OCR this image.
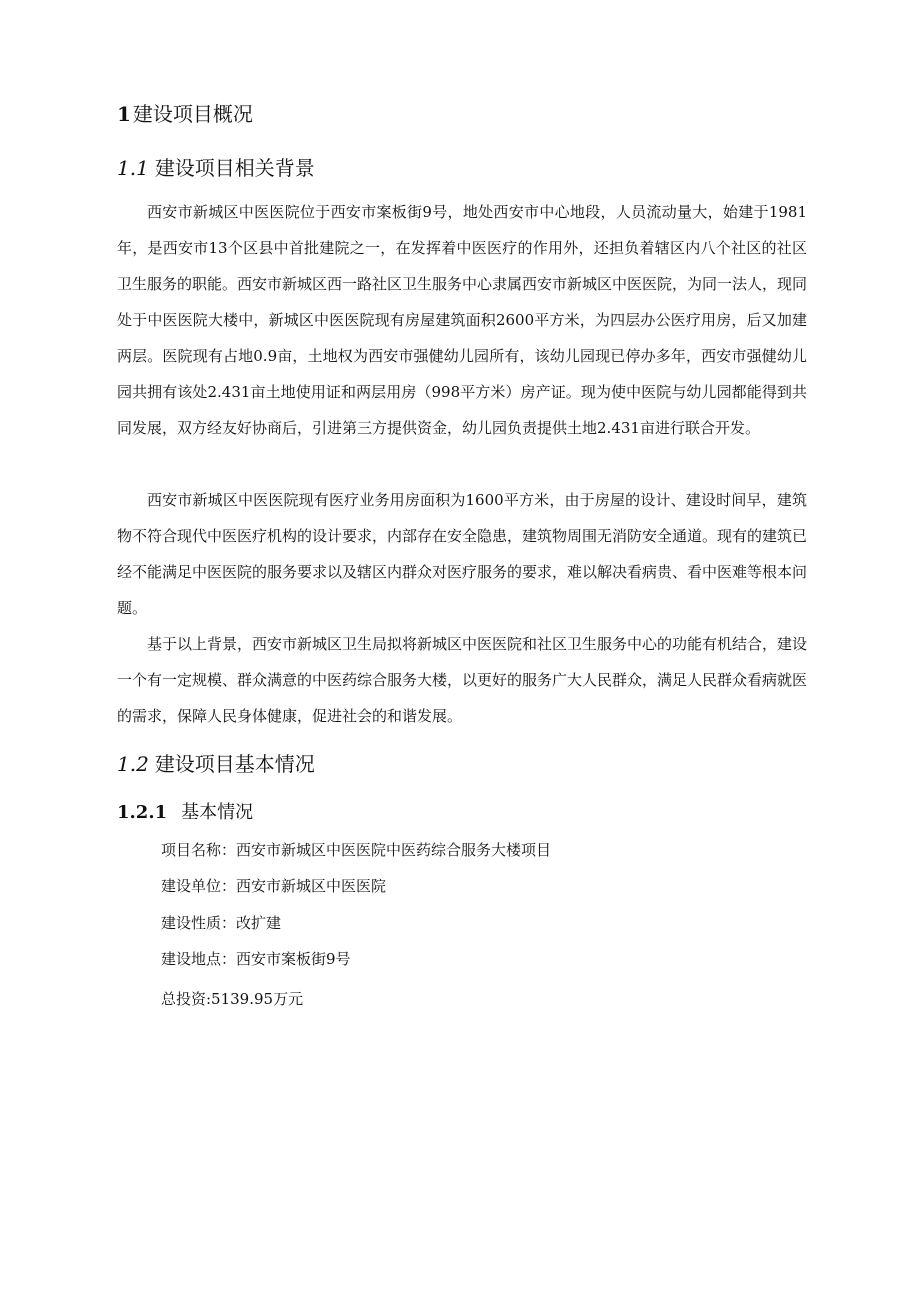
1 建设项目概况
1.1 建设项目相关背景

西安市新城区中医医院位于西安市案板街9号，地处西安市中心地段，人员流动量大，始建于1981年，是西安市13个区县中首批建院之一，在发挥着中医医疗的作用外，还担负着辖区内八个社区的社区卫生服务的职能。西安市新城区西一路社区卫生服务中心隶属西安市新城区中医医院，为同一法人，现同处于中医医院大楼中，新城区中医医院现有房屋建筑面积2600平方米，为四层办公医疗用房，后又加建两层。医院现有占地0.9亩，土地权为西安市强健幼儿园所有，该幼儿园现已停办多年，西安市强健幼儿园共拥有该处2.431亩土地使用证和两层用房（998平方米）房产证。现为使中医院与幼儿园都能得到共同发展，双方经友好协商后，引进第三方提供资金，幼儿园负责提供土地2.431亩进行联合开发。

西安市新城区中医医院现有医疗业务用房面积为1600平方米，由于房屋的设计、建设时间早，建筑物不符合现代中医医疗机构的设计要求，内部存在安全隐患，建筑物周围无消防安全通道。现有的建筑已经不能满足中医医院的服务要求以及辖区内群众对医疗服务的要求，难以解决看病贵、看中医难等根本问题。

基于以上背景，西安市新城区卫生局拟将新城区中医医院和社区卫生服务中心的功能有机结合，建设一个有一定规模、群众满意的中医药综合服务大楼，以更好的服务广大人民群众，满足人民群众看病就医的需求，保障人民身体健康，促进社会的和谐发展。

1.2 建设项目基本情况
1.2.1 基本情况
项目名称：西安市新城区中医医院中医药综合服务大楼项目
建设单位：西安市新城区中医医院
建设性质：改扩建
建设地点：西安市案板街9号
总投资:5139.95万元
